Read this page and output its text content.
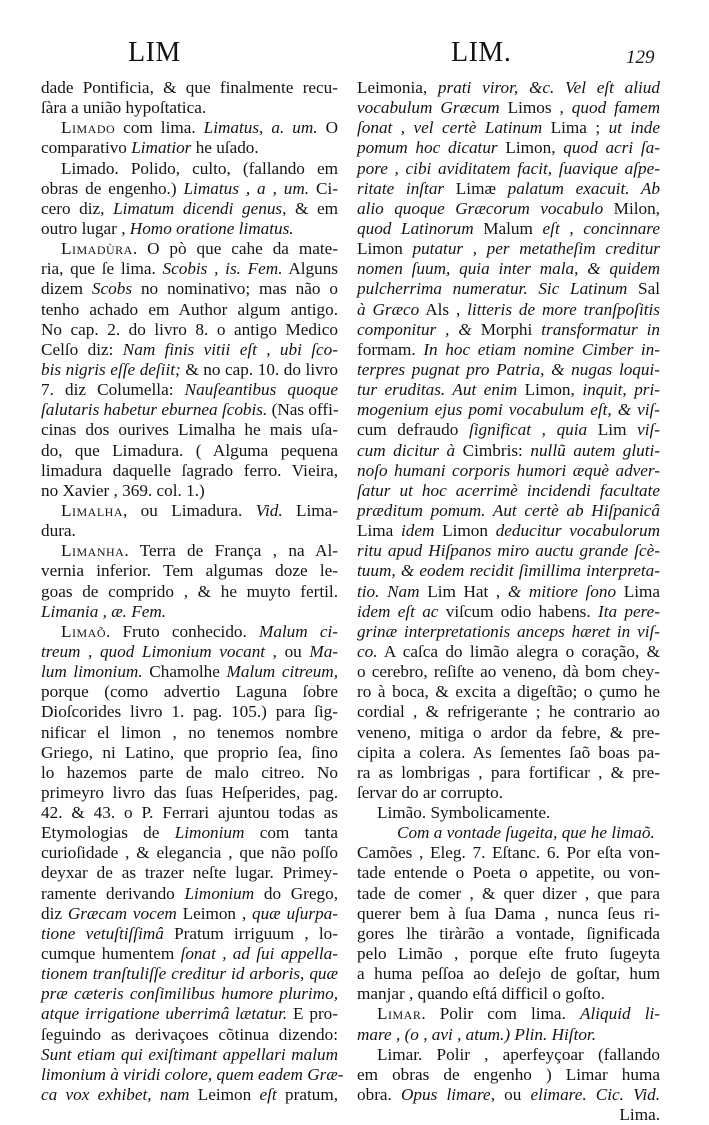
LIM	LIM.	129
dade Pontificia, & que finalmente recu-
ſàra a união hypoſtatica.
Limado com lima. Limatus, a. um. O
comparativo Limatior he uſado.
Limado. Polido, culto, (fallando em
obras de engenho.) Limatus , a , um. Ci-
cero diz, Limatum dicendi genus, & em
outro lugar , Homo oratione limatus.
Limadùra. O pò que cahe da mate-
ria, que ſe lima. Scobis , is. Fem. Alguns
dizem Scobs no nominativo; mas não o
tenho achado em Author algum antigo.
No cap. 2. do livro 8. o antigo Medico
Celſo diz: Nam finis vitii eſt , ubi ſco-
bis nigris eſſe deſiit; & no cap. 10. do livro
7. diz Columella: Nauſeantibus quoque
ſalutaris habetur eburnea ſcobis. (Nas offi-
cinas dos ourives Limalha he mais uſa-
do, que Limadura. ( Alguma pequena
limadura daquelle ſagrado ferro. Vieira,
no Xavier , 369. col. 1.)
Limalha, ou Limadura. Vid. Lima-
dura.
Limanha. Terra de França , na Al-
vernia inferior. Tem algumas doze le-
goas de comprido , & he muyto fertil.
Limania , æ. Fem.
Limaõ. Fruto conhecido. Malum ci-
treum , quod Limonium vocant , ou Ma-
lum limonium. Chamolhe Malum citreum,
porque (como advertio Laguna ſobre
Dioſcorides livro 1. pag. 105.) para ſig-
nificar el limon , no tenemos nombre
Griego, ni Latino, que proprio ſea, ſino
lo hazemos parte de malo citreo. No
primeyro livro das ſuas Heſperides, pag.
42. & 43. o P. Ferrari ajuntou todas as
Etymologias de Limonium com tanta
curioſidade , & elegancia , que não poſſo
deyxar de as trazer neſte lugar. Primey-
ramente derivando Limonium do Grego,
diz Græcam vocem Leimon , quæ uſurpa-
tione vetuſtiſſimâ Pratum irriguum , lo-
cumque humentem ſonat , ad ſui appella-
tionem tranſtuliſſe creditur id arboris, quæ
præ cæteris conſimilibus humore plurimo,
atque irrigatione uberrimâ lætatur. E pro-
ſeguindo as derivaçoes cõtinua dizendo:
Sunt etiam qui exiſtimant appellari malum
limonium à viridi colore, quem eadem Græ-
ca vox exhibet, nam Leimon eſt pratum,
Leimonia, prati viror, &c. Vel eſt aliud
vocabulum Græcum Limos , quod famem
ſonat , vel certè Latinum Lima ; ut inde
pomum hoc dicatur Limon, quod acri ſa-
pore , cibi aviditatem facit, ſuavique aſpe-
ritate inſtar Limæ palatum exacuit. Ab
alio quoque Græcorum vocabulo Milon,
quod Latinorum Malum eſt , concinnare
Limon putatur , per metatheſim creditur
nomen ſuum, quia inter mala, & quidem
pulcherrima numeratur. Sic Latinum Sal
à Græco Als , litteris de more tranſpoſitis
componitur , & Morphi transformatur in
formam. In hoc etiam nomine Cimber in-
terpres pugnat pro Patria, & nugas loqui-
tur eruditas. Aut enim Limon, inquit, pri-
mogenium ejus pomi vocabulum eſt, & viſ-
cum defraudo ſignificat , quia Lim viſ-
cum dicitur à Cimbris: nullũ autem gluti-
noſo humani corporis humori æquè adver-
ſatur ut hoc acerrimè incidendi facultate
præditum pomum. Aut certè ab Hiſpanicâ
Lima idem Limon deducitur vocabulorum
ritu apud Hiſpanos miro auctu grande ſcè-
tuum, & eodem recidit ſimillima interpreta-
tio. Nam Lim Hat , & mitiore ſono Lima
idem eſt ac viſcum odio habens. Ita pere-
grinæ interpretationis anceps hæret in viſ-
co. A caſca do limão alegra o coração, &
o cerebro, reſiſte ao veneno, dà bom chey-
ro à boca, & excita a digeſtão; o çumo he
cordial , & refrigerante ; he contrario ao
veneno, mitiga o ardor da febre, & pre-
cipita a colera. As ſementes ſaõ boas pa-
ra as lombrigas , para fortificar , & pre-
ſervar do ar corrupto.
Limão. Symbolicamente.
Com a vontade ſugeita, que he limaõ.
Camões , Eleg. 7. Eſtanc. 6. Por eſta von-
tade entende o Poeta o appetite, ou von-
tade de comer , & quer dizer , que para
querer bem à ſua Dama , nunca ſeus ri-
gores lhe tiràrão a vontade, ſignificada
pelo Limão , porque eſte fruto ſugeyta
a huma peſſoa ao deſejo de goſtar, hum
manjar , quando eſtá difficil o goſto.
Limar. Polir com lima. Aliquid li-
mare , (o , avi , atum.) Plin. Hiſtor.
Limar. Polir , aperfeyçoar (fallando
em obras de engenho ) Limar huma
obra. Opus limare, ou elimare. Cic. Vid.
Lima.
